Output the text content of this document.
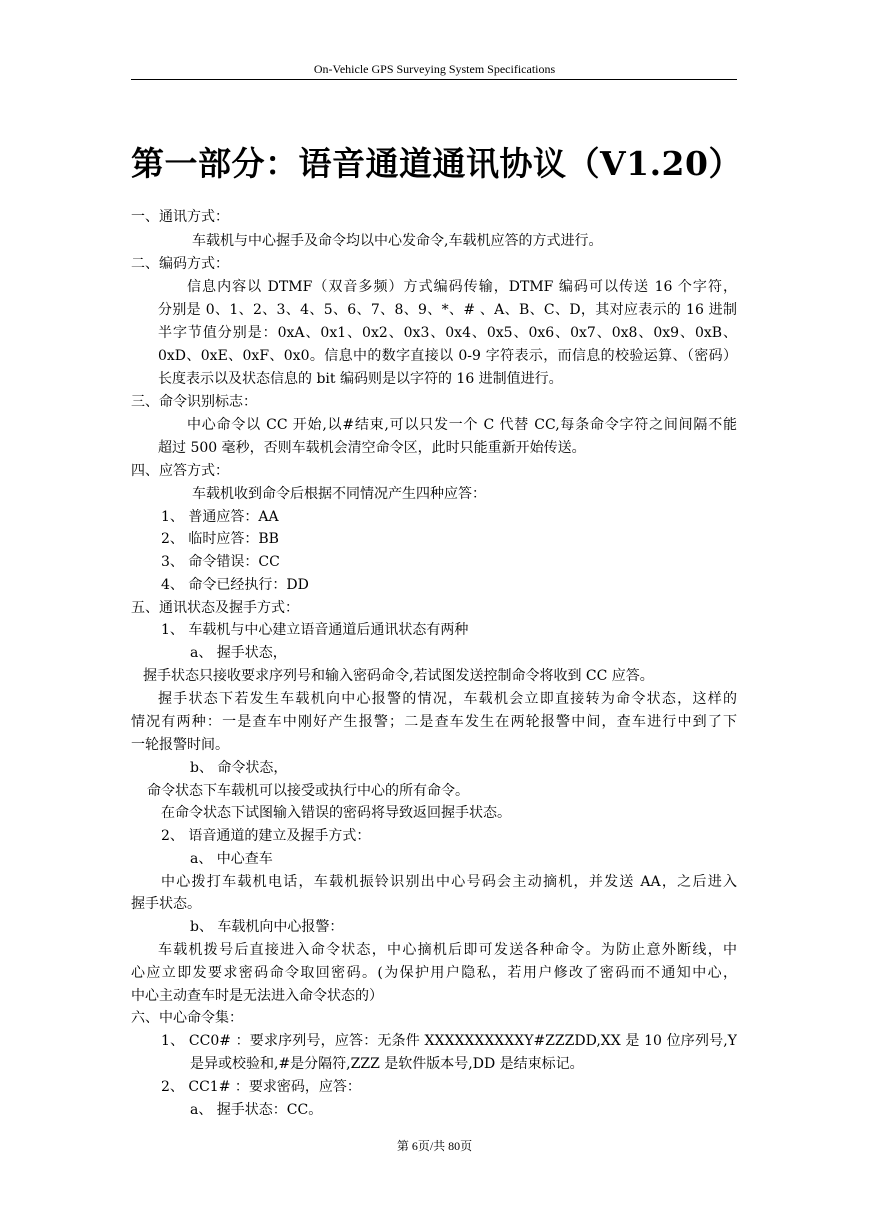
On-Vehicle GPS Surveying System Specifications
第一部分：语音通道通讯协议（V1.20）
一、通讯方式：
车载机与中心握手及命令均以中心发命令,车载机应答的方式进行。
二、编码方式：
信息内容以 DTMF（双音多频）方式编码传输，DTMF 编码可以传送 16 个字符，
分别是 0、1、2、3、4、5、6、7、8、9、*、# 、A、B、C、D，其对应表示的 16 进制
半字节值分别是：0xA、0x1、0x2、0x3、0x4、0x5、0x6、0x7、0x8、0x9、0xB、
0xD、0xE、0xF、0x0。信息中的数字直接以 0-9 字符表示，而信息的校验运算、（密码）
长度表示以及状态信息的 bit 编码则是以字符的 16 进制值进行。
三、命令识别标志：
中心命令以 CC 开始,以#结束,可以只发一个 C 代替 CC,每条命令字符之间间隔不能
超过 500 毫秒，否则车载机会清空命令区，此时只能重新开始传送。
四、应答方式：
车载机收到命令后根据不同情况产生四种应答：
1、 普通应答：AA
2、 临时应答：BB
3、 命令错误：CC
4、 命令已经执行：DD
五、通讯状态及握手方式：
1、 车载机与中心建立语音通道后通讯状态有两种
a、 握手状态，
握手状态只接收要求序列号和输入密码命令,若试图发送控制命令将收到 CC 应答。
握手状态下若发生车载机向中心报警的情况，车载机会立即直接转为命令状态，这样的
情况有两种：一是查车中刚好产生报警；二是查车发生在两轮报警中间，查车进行中到了下
一轮报警时间。
b、 命令状态，
命令状态下车载机可以接受或执行中心的所有命令。
在命令状态下试图输入错误的密码将导致返回握手状态。
2、 语音通道的建立及握手方式：
a、 中心查车
中心拨打车载机电话，车载机振铃识别出中心号码会主动摘机，并发送 AA，之后进入
握手状态。
b、 车载机向中心报警：
车载机拨号后直接进入命令状态，中心摘机后即可发送各种命令。为防止意外断线，中
心应立即发要求密码命令取回密码。(为保护用户隐私，若用户修改了密码而不通知中心，
中心主动查车时是无法进入命令状态的）
六、中心命令集：
1、 CC0# ：要求序列号，应答：无条件 XXXXXXXXXXY#ZZZDD,XX 是 10 位序列号,Y
是异或校验和,#是分隔符,ZZZ 是软件版本号,DD 是结束标记。
2、 CC1# ：要求密码，应答：
a、 握手状态：CC。
第 6页/共 80页
